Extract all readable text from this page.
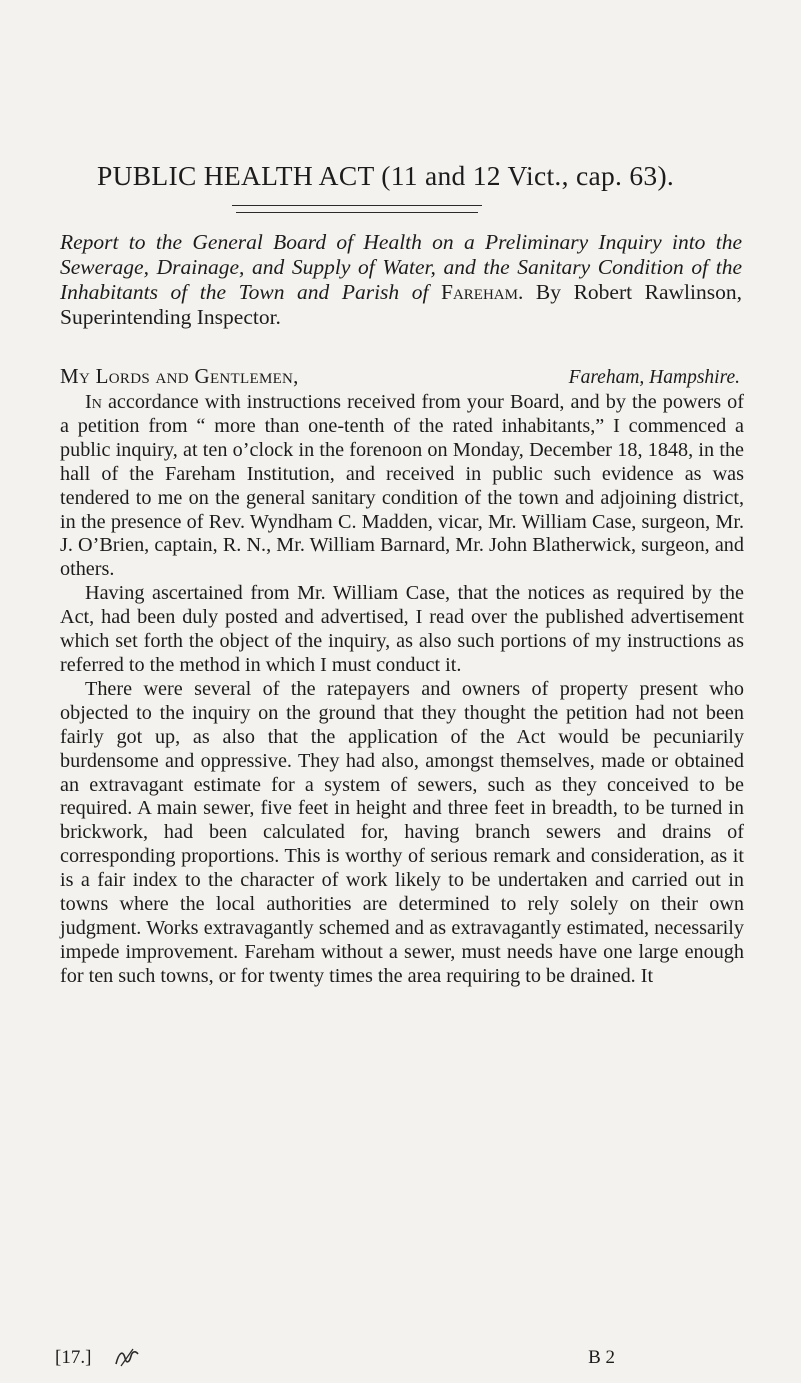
PUBLIC HEALTH ACT (11 and 12 Vict., cap. 63).
Report to the General Board of Health on a Preliminary Inquiry into the Sewerage, Drainage, and Supply of Water, and the Sanitary Condition of the Inhabitants of the Town and Parish of Fareham. By Robert Rawlinson, Superintending Inspector.
My Lords and Gentlemen,	Fareham, Hampshire.

In accordance with instructions received from your Board, and by the powers of a petition from “ more than one-tenth of the rated inhabitants,” I commenced a public inquiry, at ten o’clock in the forenoon on Monday, December 18, 1848, in the hall of the Fareham Institution, and received in public such evidence as was tendered to me on the general sanitary condition of the town and adjoining district, in the presence of Rev. Wyndham C. Madden, vicar, Mr. William Case, surgeon, Mr. J. O’Brien, captain, R. N., Mr. William Barnard, Mr. John Blatherwick, surgeon, and others.

Having ascertained from Mr. William Case, that the notices as required by the Act, had been duly posted and advertised, I read over the published advertisement which set forth the object of the inquiry, as also such portions of my instructions as referred to the method in which I must conduct it.

There were several of the ratepayers and owners of property present who objected to the inquiry on the ground that they thought the petition had not been fairly got up, as also that the application of the Act would be pecuniarily burdensome and oppressive. They had also, amongst themselves, made or obtained an extravagant estimate for a system of sewers, such as they conceived to be required. A main sewer, five feet in height and three feet in breadth, to be turned in brickwork, had been calculated for, having branch sewers and drains of corresponding proportions. This is worthy of serious remark and consideration, as it is a fair index to the character of work likely to be undertaken and carried out in towns where the local authorities are determined to rely solely on their own judgment. Works extravagantly schemed and as extravagantly estimated, necessarily impede improvement. Fareham without a sewer, must needs have one large enough for ten such towns, or for twenty times the area requiring to be drained. It

[17.]	B 2
